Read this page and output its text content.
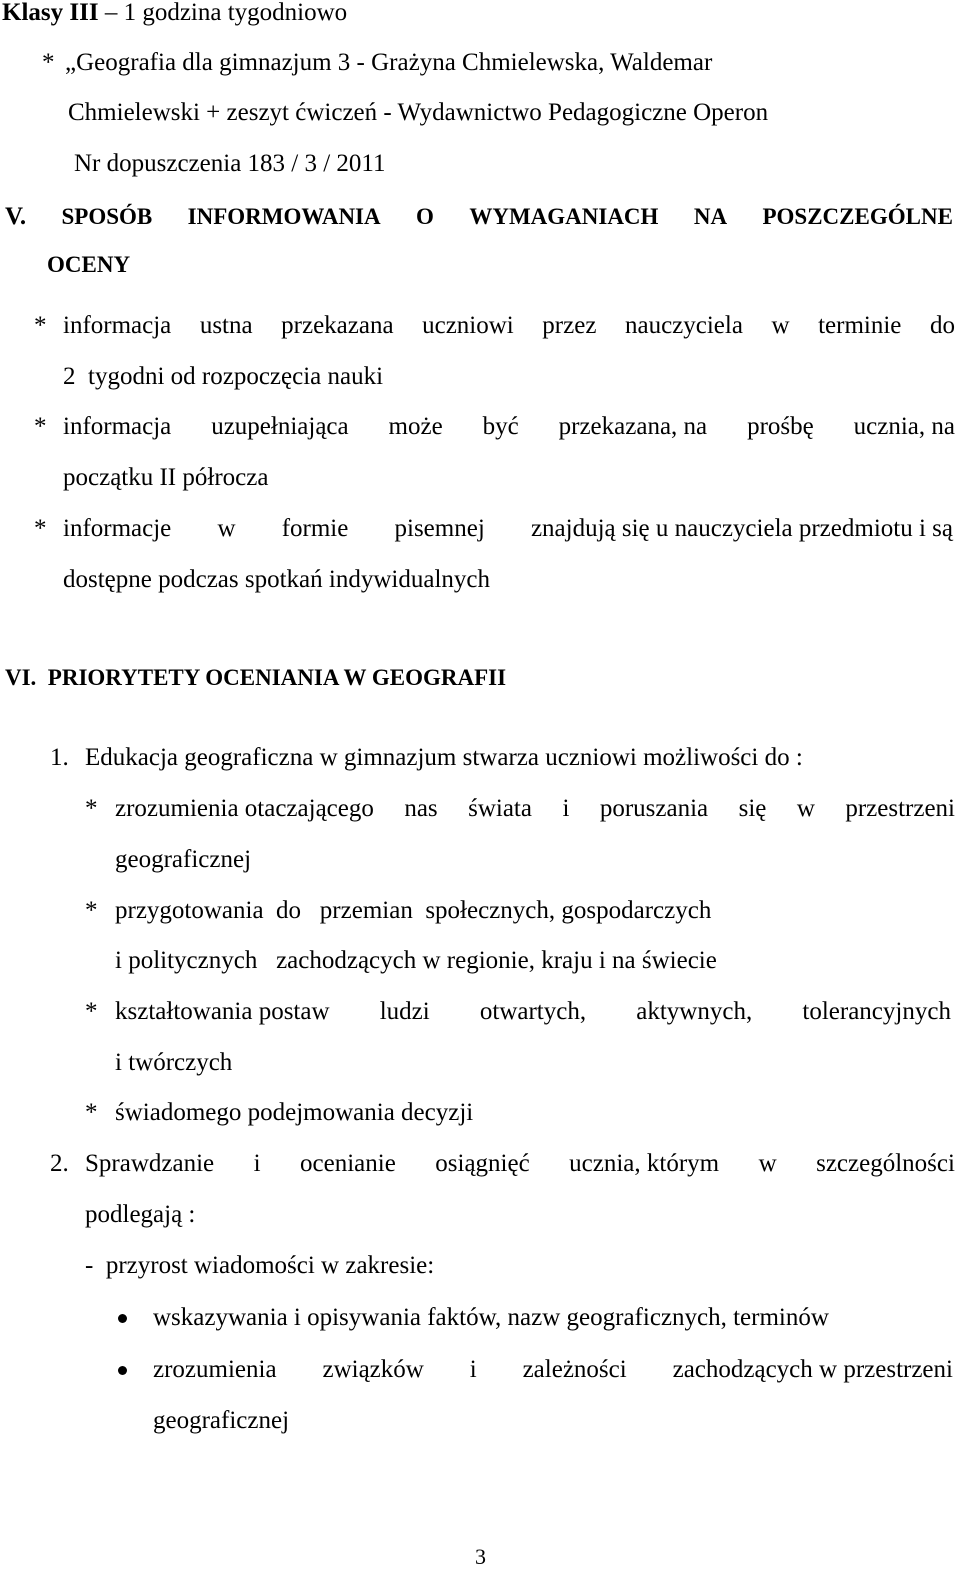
Klasy III – 1 godzina tygodniowo
* „Geografia dla gimnazjum 3 - Grażyna Chmielewska, Waldemar
Chmielewski + zeszyt ćwiczeń - Wydawnictwo Pedagogiczne Operon
Nr dopuszczenia 183 / 3 / 2011
V. SPOSÓB INFORMOWANIA O WYMAGANIACH NA POSZCZEGÓLNE
OCENY
* informacja ustna przekazana uczniowi przez nauczyciela w terminie do
2  tygodni od rozpoczęcia nauki
* informacja uzupełniająca może być przekazana, na prośbę ucznia, na
początku II półrocza
* informacje w formie pisemnej znajdują się u nauczyciela przedmiotu i są
dostępne podczas spotkań indywidualnych
VI.  PRIORYTETY OCENIANIA W GEOGRAFII
1. Edukacja geograficzna w gimnazjum stwarza uczniowi możliwości do :
* zrozumienia otaczającego nas świata i poruszania się w przestrzeni
geograficznej
* przygotowania  do   przemian  społecznych, gospodarczych
i politycznych   zachodzących w regionie, kraju i na świecie
* kształtowania postaw ludzi otwartych, aktywnych, tolerancyjnych
i twórczych
* świadomego podejmowania decyzji
2. Sprawdzanie i ocenianie osiągnięć ucznia, którym w szczególności
podlegają :
-  przyrost wiadomości w zakresie:
wskazywania i opisywania faktów, nazw geograficznych, terminów
zrozumienia związków i zależności zachodzących w przestrzeni
geograficznej
3
